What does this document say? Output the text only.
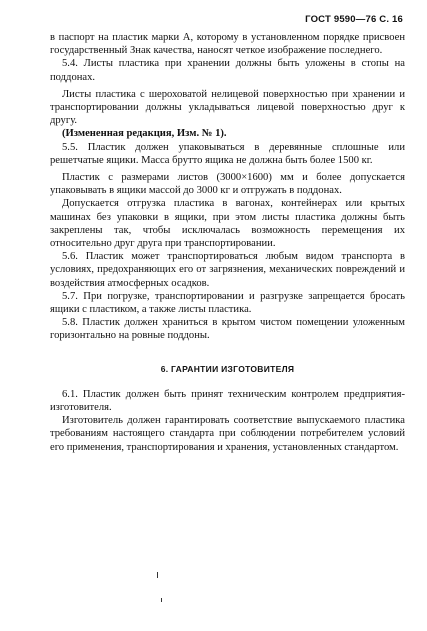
ГОСТ 9590—76 С. 16

в паспорт на пластик марки А, которому в установленном порядке присвоен государственный Знак качества, наносят четкое изображение последнего.

5.4. Листы пластика при хранении должны быть уложены в стопы на поддонах.

Листы пластика с шероховатой нелицевой поверхностью при хранении и транспортировании должны укладываться лицевой поверхностью друг к другу.

(Измененная редакция, Изм. № 1).

5.5. Пластик должен упаковываться в деревянные сплошные или решетчатые ящики. Масса брутто ящика не должна быть более 1500 кг.

Пластик с размерами листов (3000×1600) мм и более допускается упаковывать в ящики массой до 3000 кг и отгружать в поддонах.

Допускается отгрузка пластика в вагонах, контейнерах или крытых машинах без упаковки в ящики, при этом листы пластика должны быть закреплены так, чтобы исключалась возможность перемещения их относительно друг друга при транспортировании.

5.6. Пластик может транспортироваться любым видом транспорта в условиях, предохраняющих его от загрязнения, механических повреждений и воздействия атмосферных осадков.

5.7. При погрузке, транспортировании и разгрузке запрещается бросать ящики с пластиком, а также листы пластика.

5.8. Пластик должен храниться в крытом чистом помещении уложенным горизонтально на ровные поддоны.

6. ГАРАНТИИ ИЗГОТОВИТЕЛЯ

6.1. Пластик должен быть принят техническим контролем предприятия-изготовителя.

Изготовитель должен гарантировать соответствие выпускаемого пластика требованиям настоящего стандарта при соблюдении потребителем условий его применения, транспортирования и хранения, установленных стандартом.
